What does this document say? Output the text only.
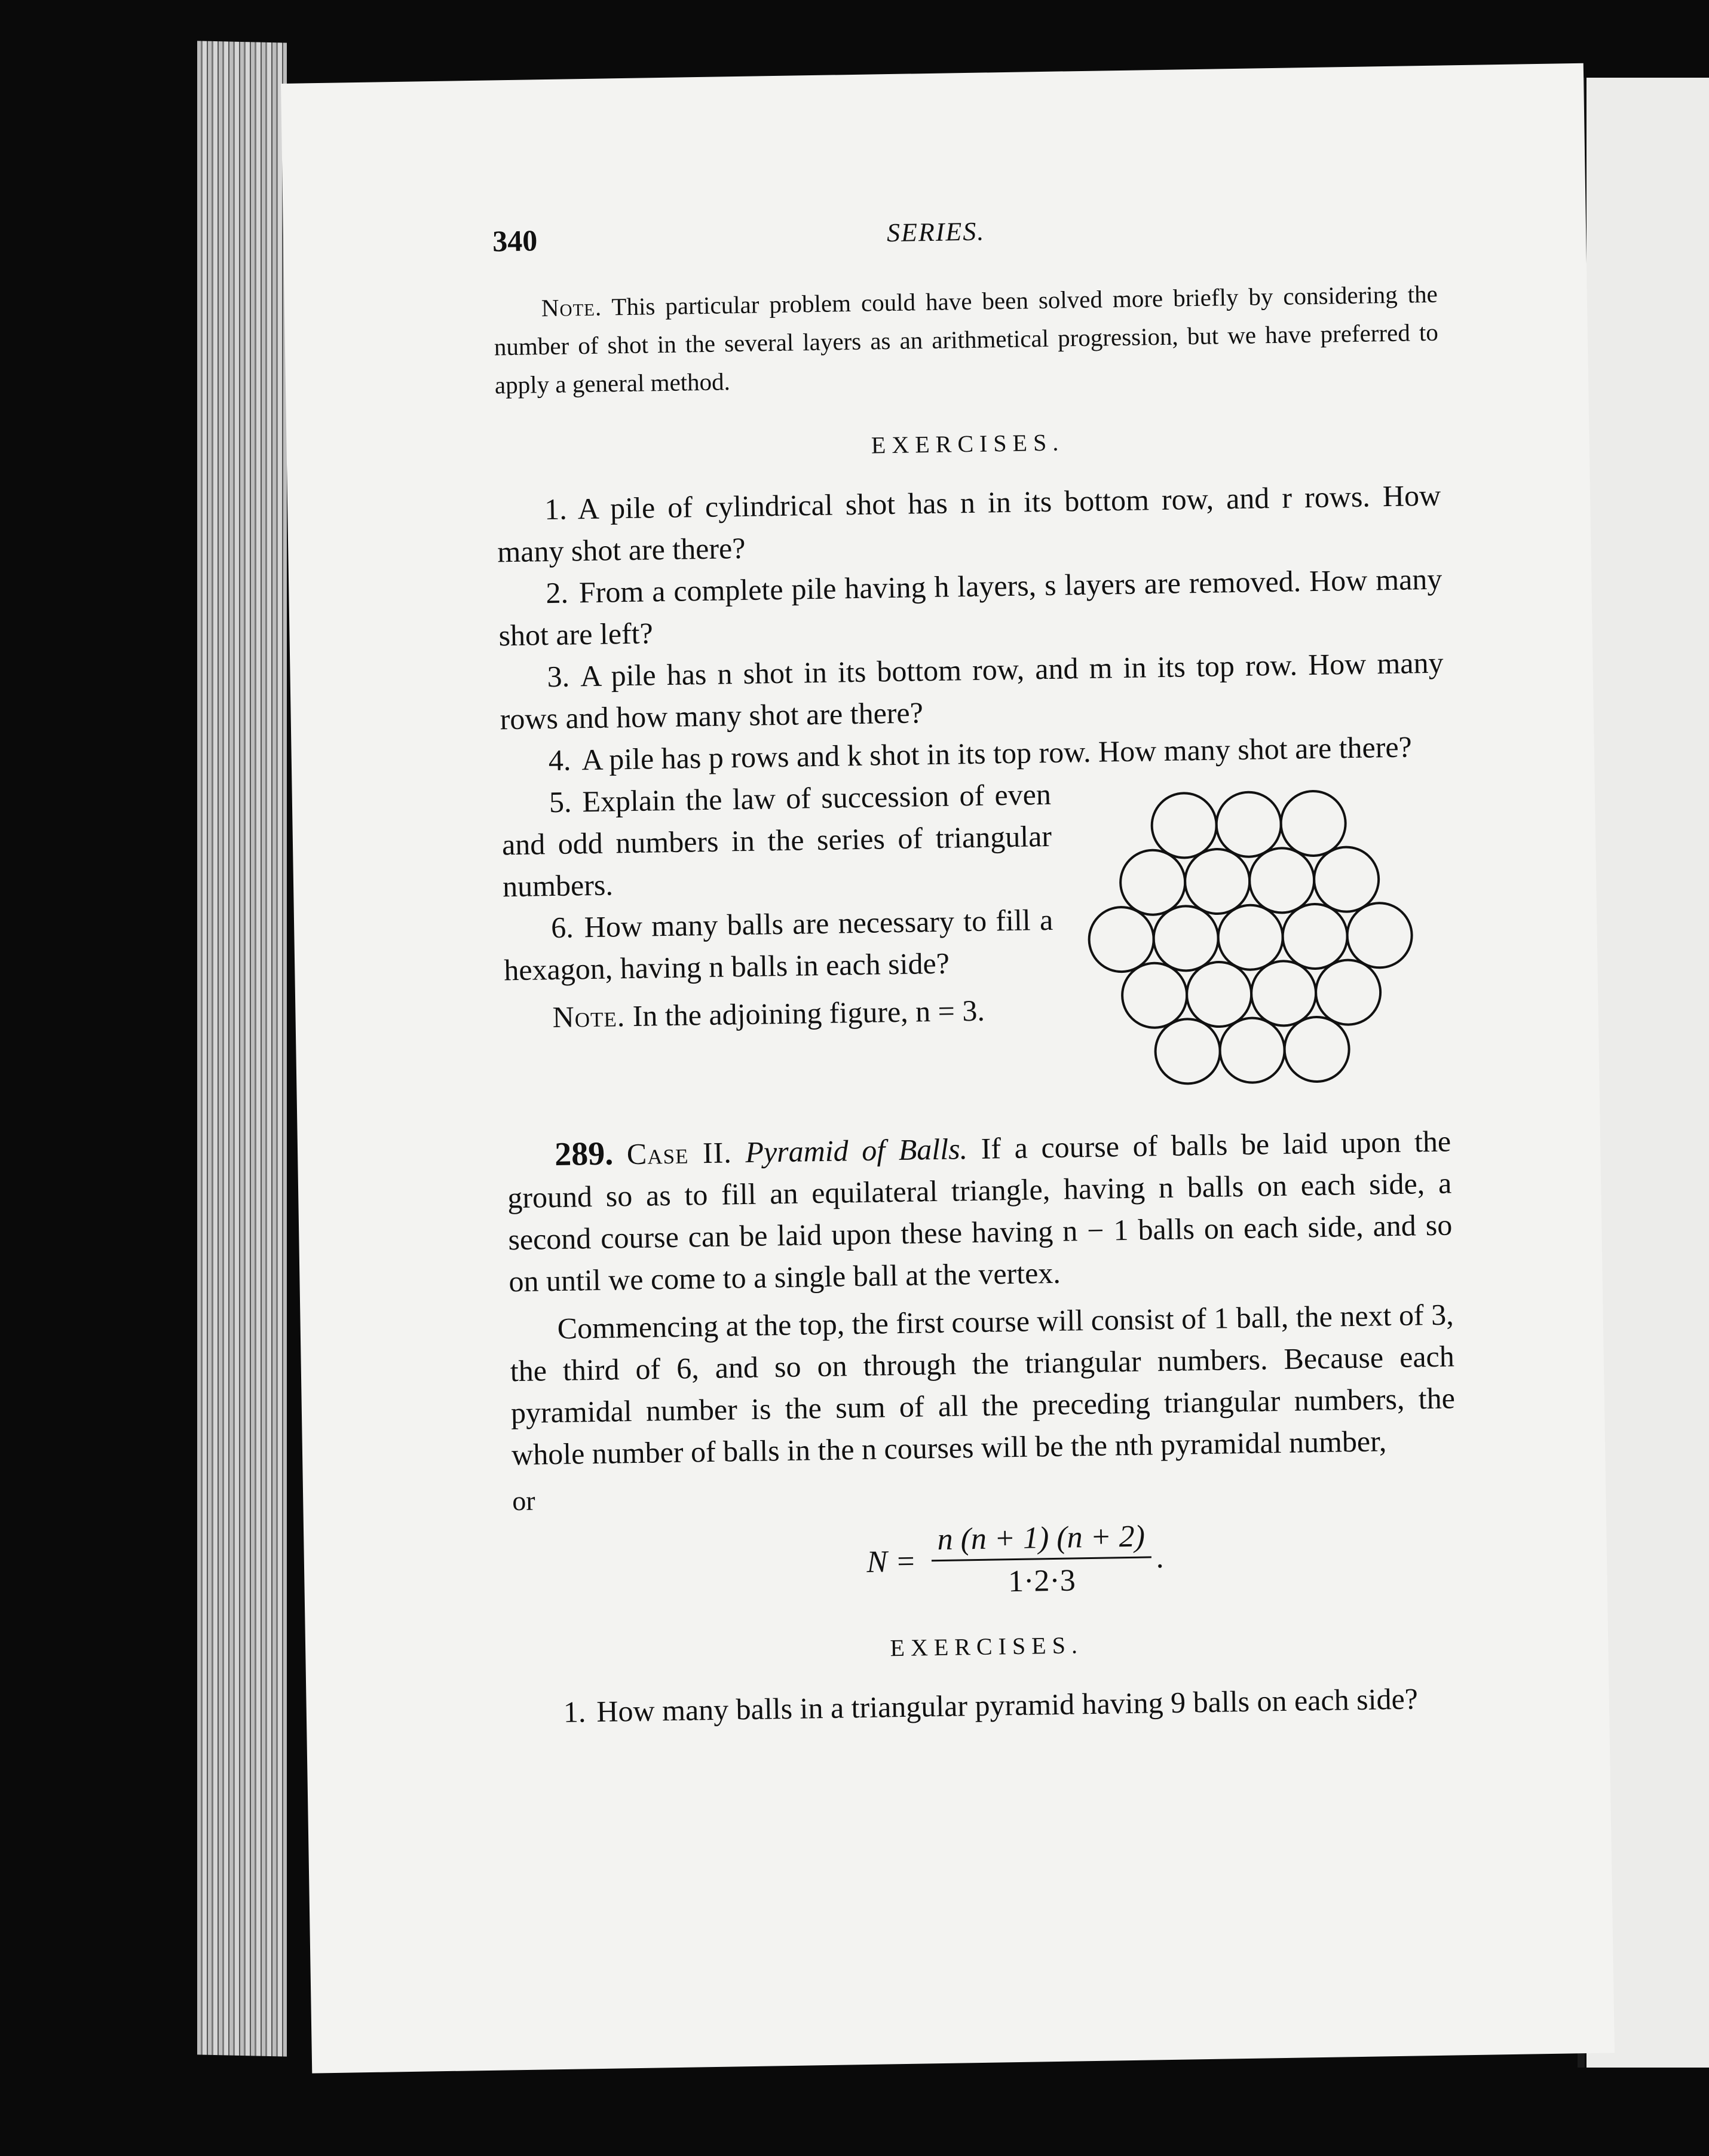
340	SERIES.

Note. This particular problem could have been solved more briefly by considering the number of shot in the several layers as an arithmetical progression, but we have preferred to apply a general method.

EXERCISES.

1. A pile of cylindrical shot has n in its bottom row, and r rows. How many shot are there?

2. From a complete pile having h layers, s layers are removed. How many shot are left?

3. A pile has n shot in its bottom row, and m in its top row. How many rows and how many shot are there?

4. A pile has p rows and k shot in its top row. How many shot are there?

5. Explain the law of succession of even and odd numbers in the series of triangular numbers.

6. How many balls are necessary to fill a hexagon, having n balls in each side?

Note. In the adjoining figure, n = 3.

289. Case II. Pyramid of Balls. If a course of balls be laid upon the ground so as to fill an equilateral triangle, having n balls on each side, a second course can be laid upon these having n − 1 balls on each side, and so on until we come to a single ball at the vertex.

Commencing at the top, the first course will consist of 1 ball, the next of 3, the third of 6, and so on through the triangular numbers. Because each pyramidal number is the sum of all the preceding triangular numbers, the whole number of balls in the n courses will be the nth pyramidal number,

or
$N = \frac{n (n + 1) (n + 2)}{1\cdot 2\cdot 3}$ .
EXERCISES.

1. How many balls in a triangular pyramid having 9 balls on each side?
